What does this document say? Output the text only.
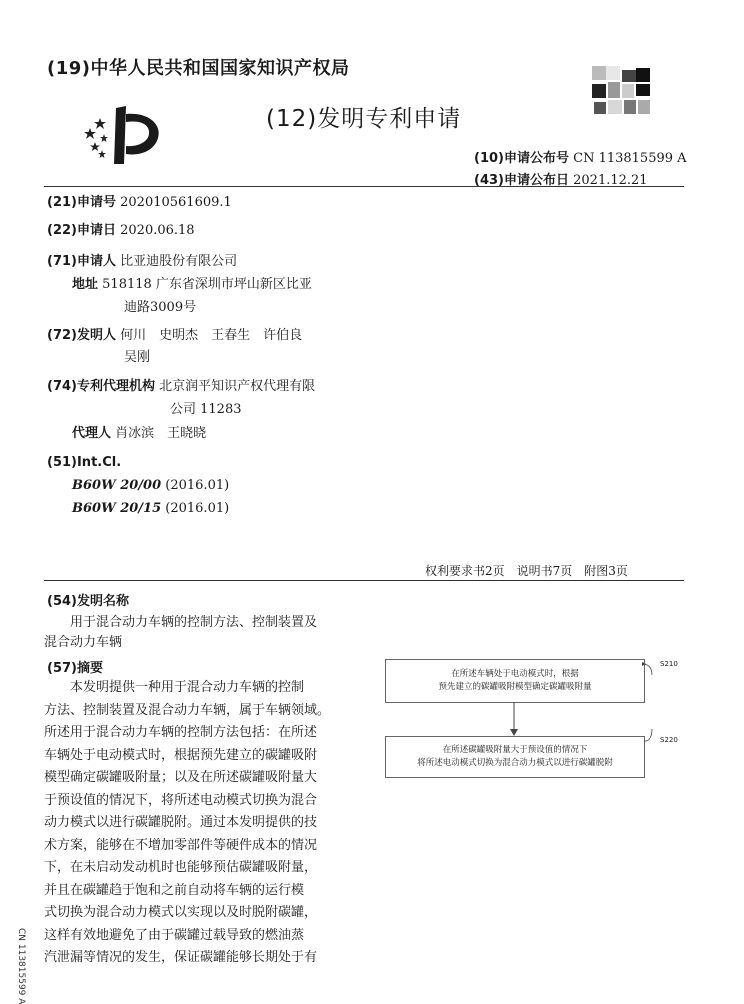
(19)中华人民共和国国家知识产权局
(12)发明专利申请
(10)申请公布号 CN 113815599 A
(43)申请公布日 2021.12.21
(21)申请号 202010561609.1
(22)申请日 2020.06.18
(71)申请人 比亚迪股份有限公司
地址 518118 广东省深圳市坪山新区比亚
迪路3009号
(72)发明人 何川　史明杰　王春生　许伯良
吴刚
(74)专利代理机构 北京润平知识产权代理有限
公司 11283
代理人 肖冰滨　王晓晓
(51)Int.Cl.
B60W 20/00 (2016.01)
B60W 20/15 (2016.01)
权利要求书2页　说明书7页　附图3页
(54)发明名称

用于混合动力车辆的控制方法、控制装置及

混合动力车辆
(57)摘要

本发明提供一种用于混合动力车辆的控制

方法、控制装置及混合动力车辆，属于车辆领域。
所述用于混合动力车辆的控制方法包括：在所述
车辆处于电动模式时，根据预先建立的碳罐吸附
模型确定碳罐吸附量；以及在所述碳罐吸附量大
于预设值的情况下，将所述电动模式切换为混合
动力模式以进行碳罐脱附。通过本发明提供的技
术方案，能够在不增加零部件等硬件成本的情况
下，在未启动发动机时也能够预估碳罐吸附量，
并且在碳罐趋于饱和之前自动将车辆的运行模
式切换为混合动力模式以实现以及时脱附碳罐，
这样有效地避免了由于碳罐过载导致的燃油蒸
汽泄漏等情况的发生，保证碳罐能够长期处于有
在所述车辆处于电动模式时，根据
预先建立的碳罐吸附模型确定碳罐吸附量
在所述碳罐吸附量大于预设值的情况下
将所述电动模式切换为混合动力模式以进行碳罐脱附
S210
S220
CN 113815599 A
